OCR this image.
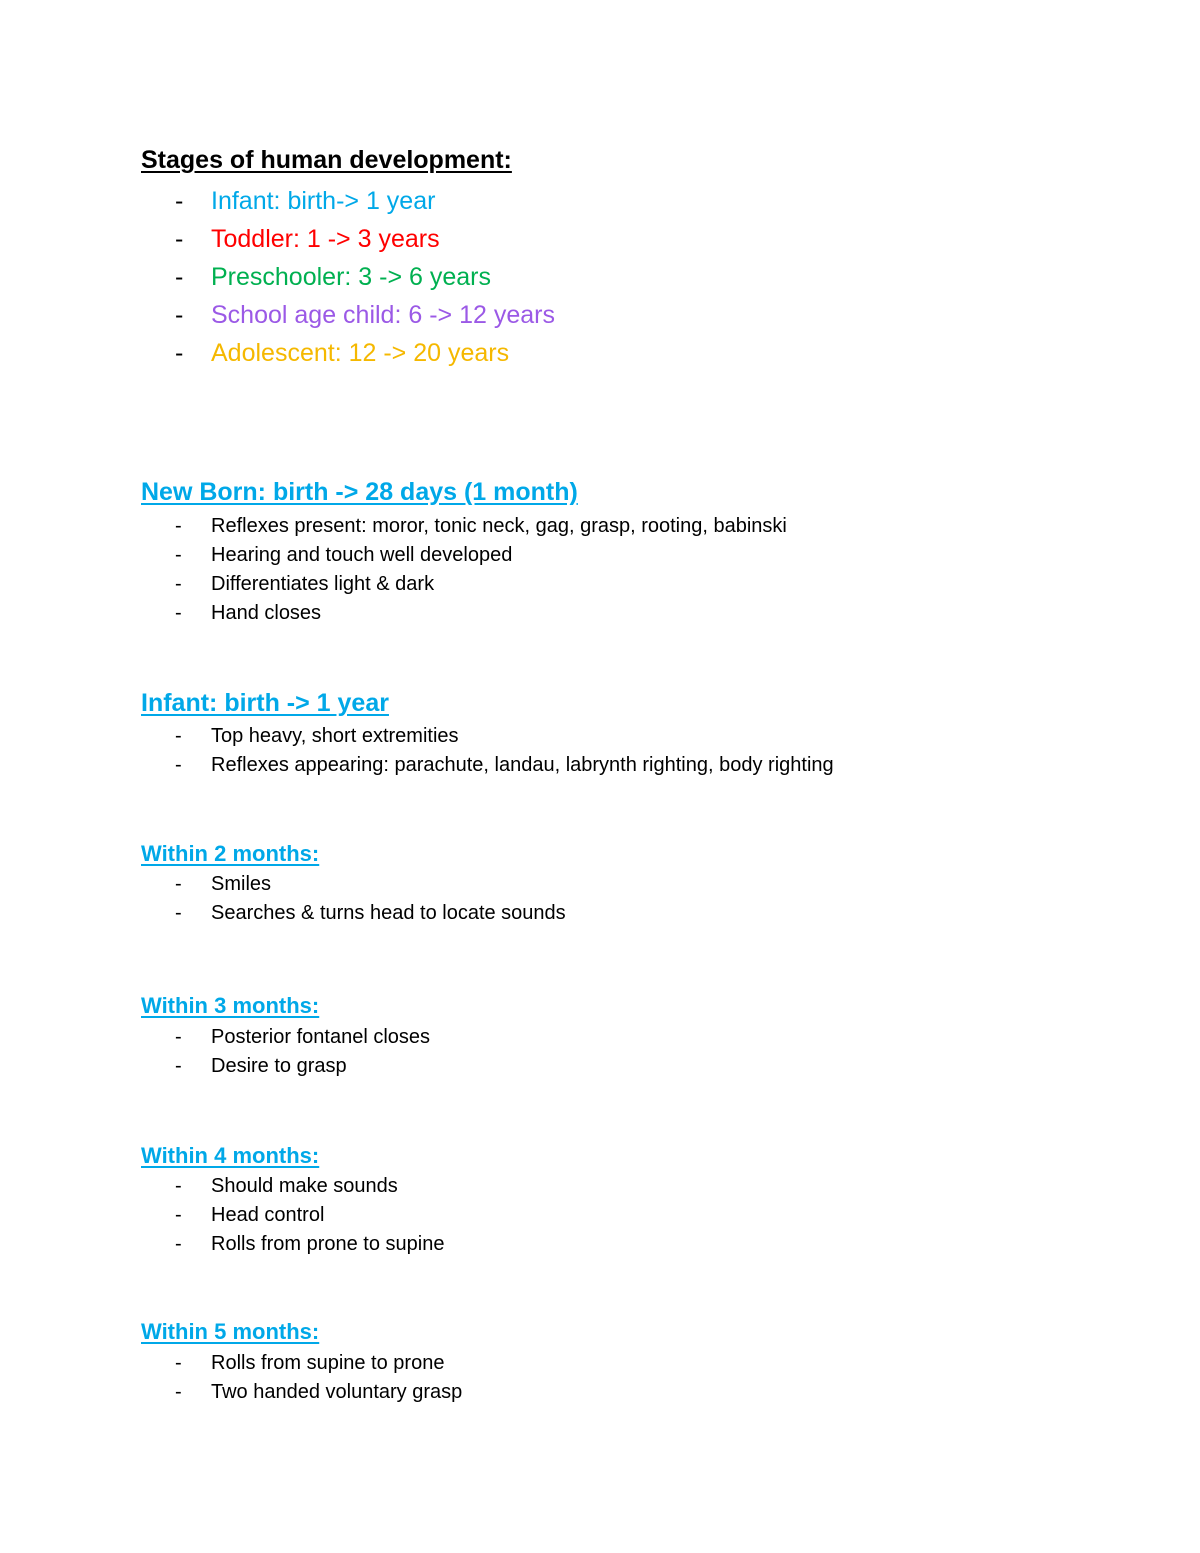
Stages of human development:
- Infant: birth-> 1 year
- Toddler: 1 -> 3 years
- Preschooler: 3 -> 6 years
- School age child: 6 -> 12 years
- Adolescent: 12 -> 20 years
New Born: birth -> 28 days (1 month)
- Reflexes present: moror, tonic neck, gag, grasp, rooting, babinski
- Hearing and touch well developed
- Differentiates light & dark
- Hand closes
Infant: birth -> 1 year
- Top heavy, short extremities
- Reflexes appearing: parachute, landau, labrynth righting, body righting
Within 2 months:
- Smiles
- Searches & turns head to locate sounds
Within 3 months:
- Posterior fontanel closes
- Desire to grasp
Within 4 months:
- Should make sounds
- Head control
- Rolls from prone to supine
Within 5 months:
- Rolls from supine to prone
- Two handed voluntary grasp
